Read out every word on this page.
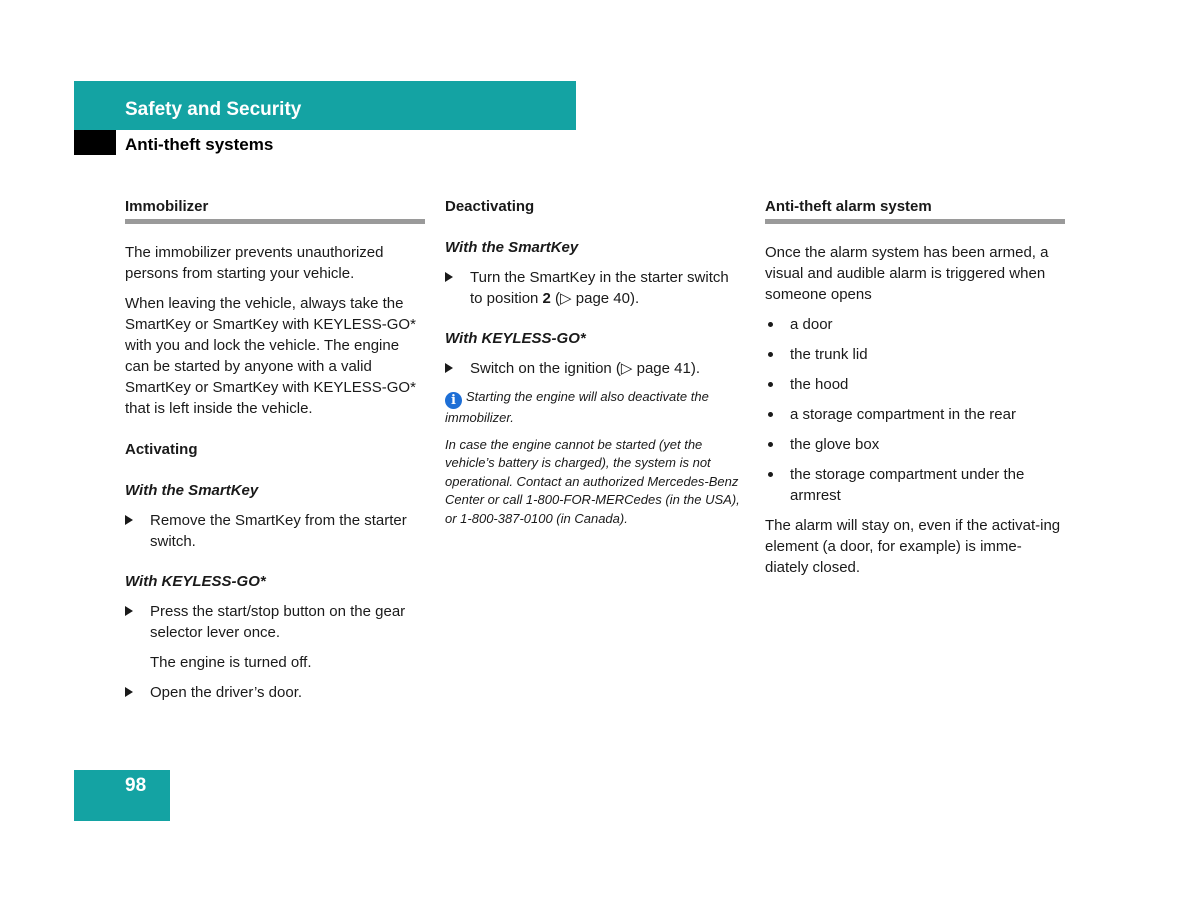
Safety and Security
Anti-theft systems
Immobilizer

The immobilizer prevents unauthorized persons from starting your vehicle.

When leaving the vehicle, always take the SmartKey or SmartKey with KEYLESS-GO* with you and lock the vehicle. The engine can be started by anyone with a valid SmartKey or SmartKey with KEYLESS-GO* that is left inside the vehicle.

Activating
With the SmartKey
Remove the SmartKey from the starter switch.
With KEYLESS-GO*
Press the start/stop button on the gear selector lever once.
The engine is turned off.
Open the driver’s door.
Deactivating
With the SmartKey
Turn the SmartKey in the starter switch to position 2 (▷ page 40).
With KEYLESS-GO*
Switch on the ignition (▷ page 41).
i Starting the engine will also deactivate the immobilizer.
In case the engine cannot be started (yet the vehicle’s battery is charged), the system is not operational. Contact an authorized Mercedes-Benz Center or call 1-800-FOR-MERCedes (in the USA), or 1-800-387-0100 (in Canada).
Anti-theft alarm system

Once the alarm system has been armed, a visual and audible alarm is triggered when someone opens

a door
the trunk lid
the hood
a storage compartment in the rear
the glove box
the storage compartment under the armrest

The alarm will stay on, even if the activat-ing element (a door, for example) is imme-diately closed.

98
